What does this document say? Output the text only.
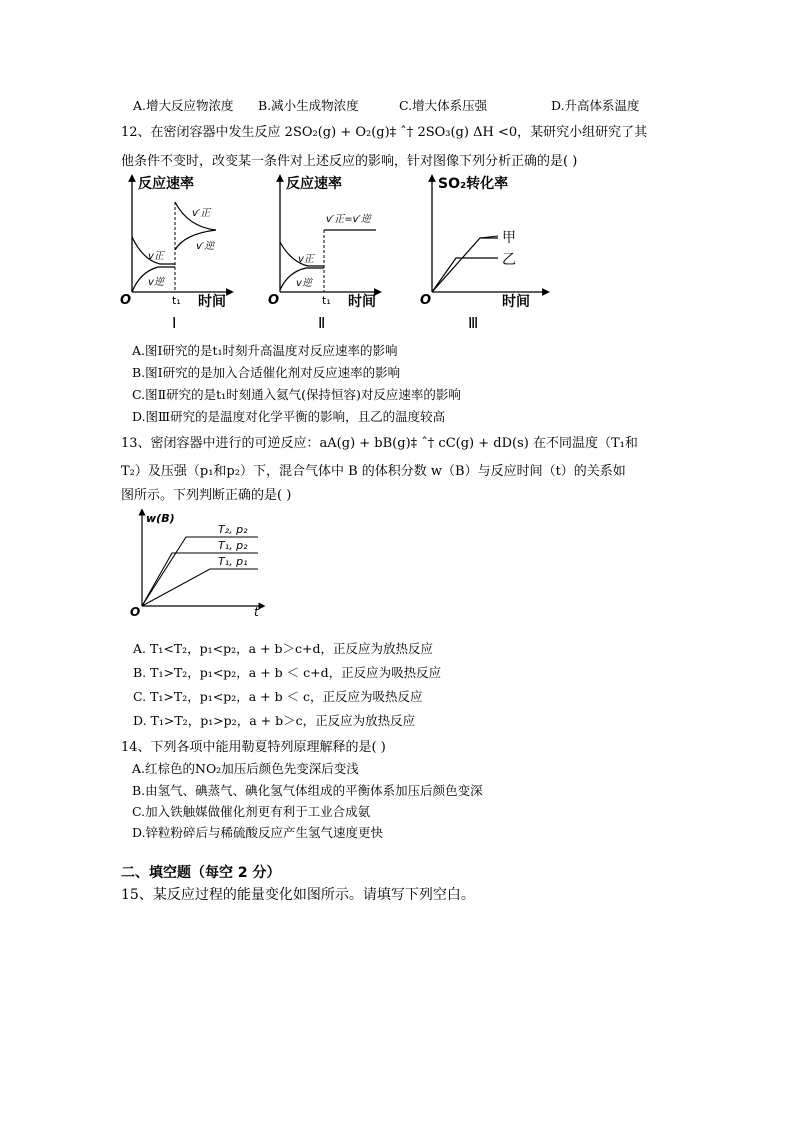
A.增大反应物浓度 B.减小生成物浓度	C.增大体系压强	D.升高体系温度
12、在密闭容器中发生反应 2SO₂(g) + O₂(g)‡ ˆ† 2SO₃(g) ΔH <0，某研究小组研究了其
他条件不变时，改变某一条件对上述反应的影响，针对图像下列分析正确的是( )
反应速率
O	t₁ 时间
v正
v逆
v′正
v′逆
Ⅰ
反应速率
O	t₁ 时间
v′正=v′逆
v正
v逆
Ⅱ
SO₂转化率
O	时间
甲
乙
Ⅲ
A.图Ⅰ研究的是t₁时刻升高温度对反应速率的影响
B.图Ⅰ研究的是加入合适催化剂对反应速率的影响
C.图Ⅱ研究的是t₁时刻通入氦气(保持恒容)对反应速率的影响
D.图Ⅲ研究的是温度对化学平衡的影响，且乙的温度较高
13、密闭容器中进行的可逆反应：aA(g) + bB(g)‡ ˆ† cC(g) + dD(s) 在不同温度（T₁和
T₂）及压强（p₁和p₂）下，混合气体中 B 的体积分数 w（B）与反应时间（t）的关系如
图所示。下列判断正确的是( )
w(B)
O	t
T₂, p₂
T₁, p₂
T₁, p₁
A. T₁<T₂，p₁<p₂，a + b＞c+d，正反应为放热反应
B. T₁>T₂，p₁<p₂，a + b ＜ c+d，正反应为吸热反应
C. T₁>T₂，p₁<p₂，a + b ＜ c，正反应为吸热反应
D. T₁>T₂，p₁>p₂，a + b＞c，正反应为放热反应
14、下列各项中能用勒夏特列原理解释的是( )
A.红棕色的NO₂加压后颜色先变深后变浅
B.由氢气、碘蒸气、碘化氢气体组成的平衡体系加压后颜色变深
C.加入铁触媒做催化剂更有利于工业合成氨
D.锌粒粉碎后与稀硫酸反应产生氢气速度更快
二、填空题（每空 2 分）
15、某反应过程的能量变化如图所示。请填写下列空白。
